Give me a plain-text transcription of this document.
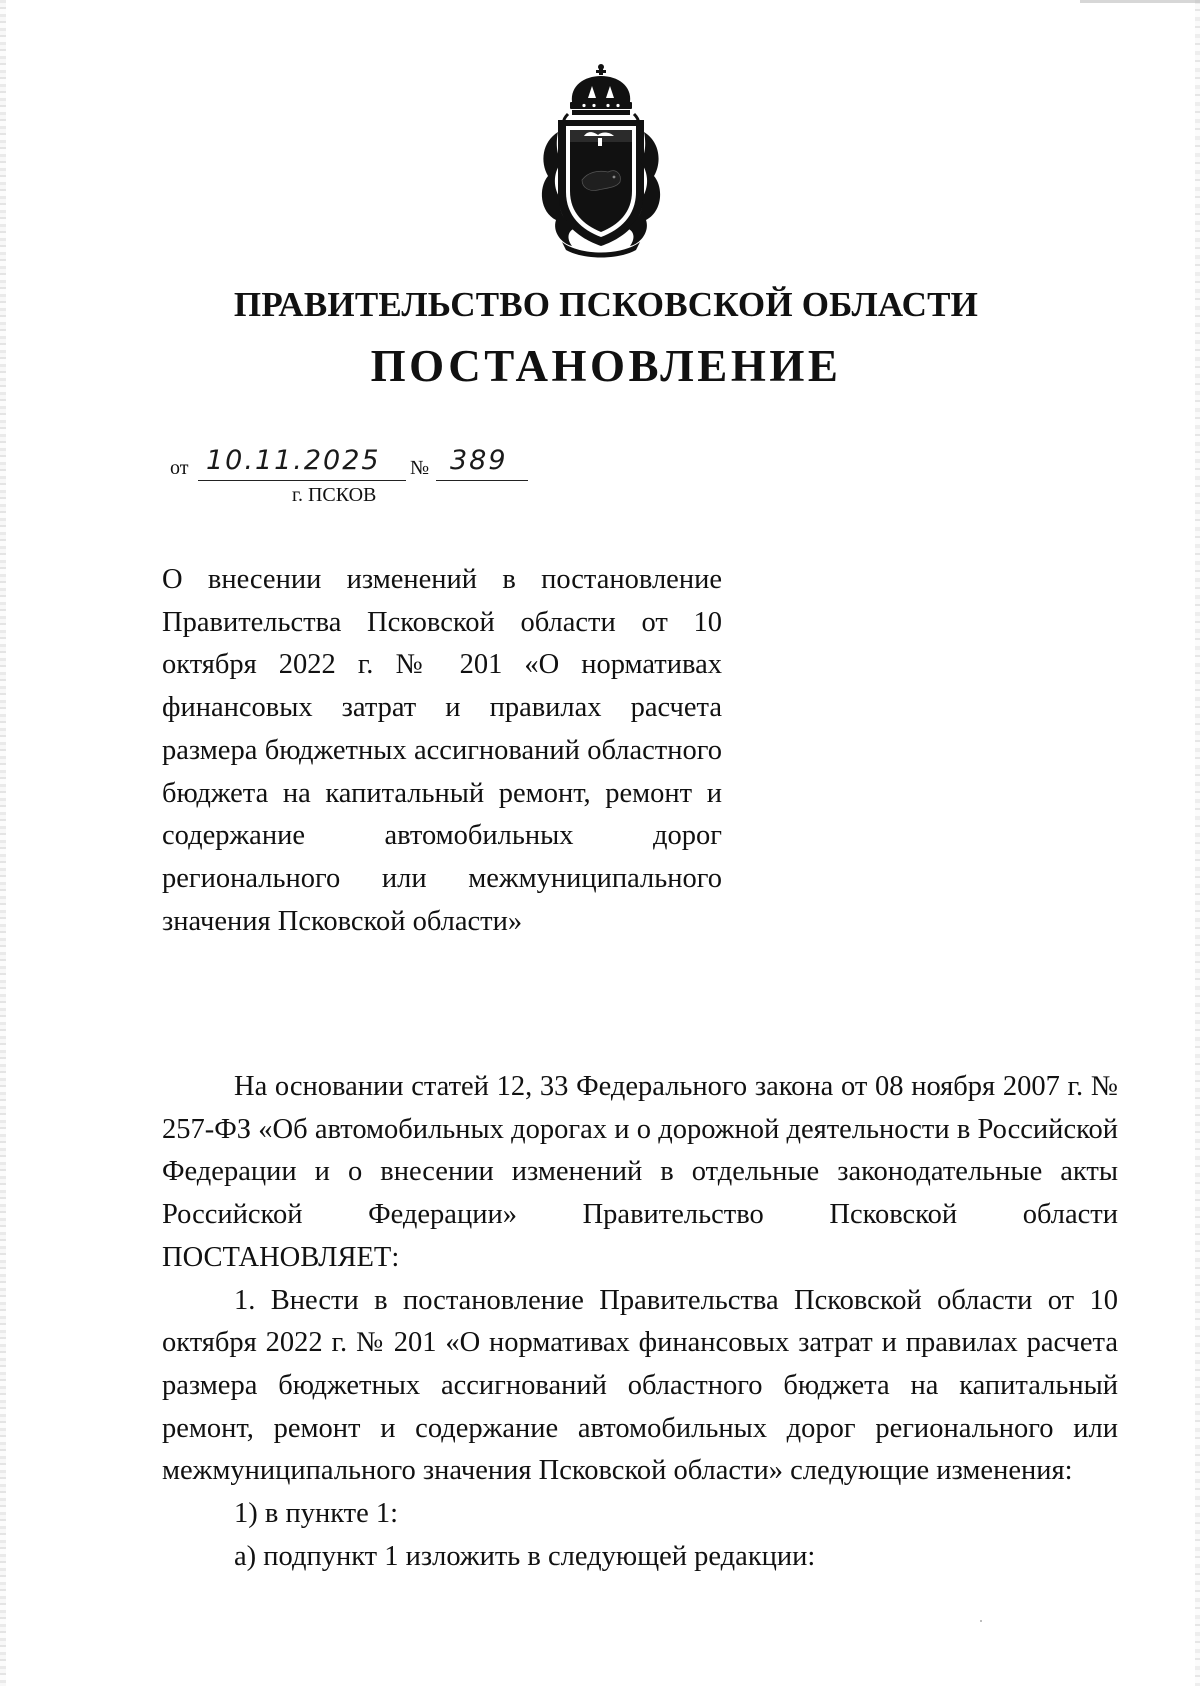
ПРАВИТЕЛЬСТВО ПСКОВСКОЙ ОБЛАСТИ
ПОСТАНОВЛЕНИЕ
от 10.11.2025 № 389
г. ПСКОВ

О внесении изменений в постановление Правительства Псковской области от 10 октября 2022 г. № 201 «О нормативах финансовых затрат и правилах расчета размера бюджетных ассигнований областного бюджета на капитальный ремонт, ремонт и содержание автомобильных дорог регионального или межмуниципального значения Псковской области»

На основании статей 12, 33 Федерального закона от 08 ноября 2007 г. № 257-ФЗ «Об автомобильных дорогах и о дорожной деятельности в Российской Федерации и о внесении изменений в отдельные законодательные акты Российской Федерации» Правительство Псковской области ПОСТАНОВЛЯЕТ:

1. Внести в постановление Правительства Псковской области от 10 октября 2022 г. № 201 «О нормативах финансовых затрат и правилах расчета размера бюджетных ассигнований областного бюджета на капитальный ремонт, ремонт и содержание автомобильных дорог регионального или межмуниципального значения Псковской области» следующие изменения:

1) в пункте 1:

а) подпункт 1 изложить в следующей редакции:
